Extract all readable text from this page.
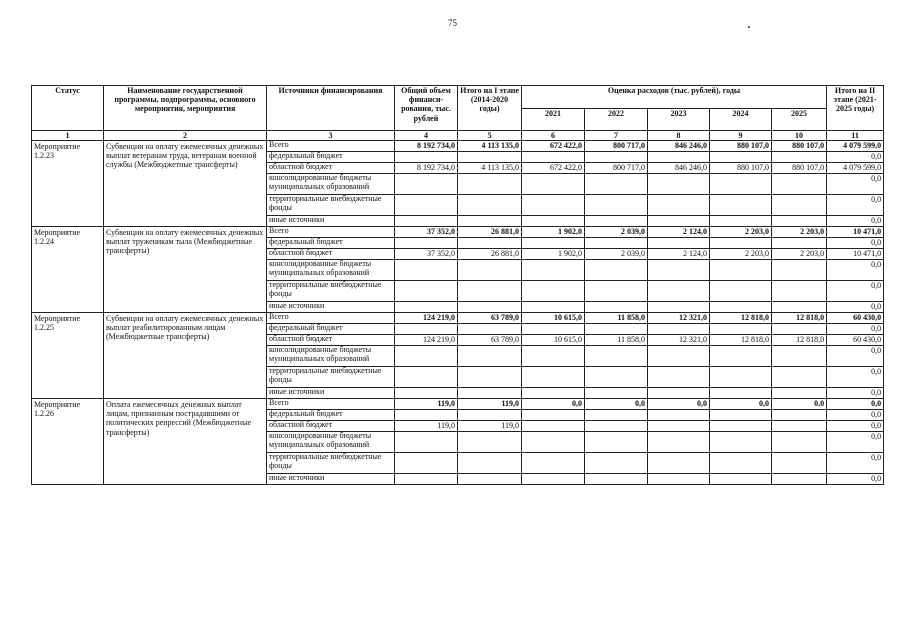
75
Статус	Наименование государственной программы, подпрограммы, основного мероприятия, мероприятия	Источники финансирования	Общий объем финанси-рования, тыс. рублей	Итого на I этапе (2014-2020 годы)	Оценка расходов (тыс. рублей), годы					Итого на II этапе (2021-2025 годы)
					2021	2022	2023	2024	2025	
1	2	3	4	5	6	7	8	9	10	11
Мероприятие 1.2.23	Субвенции на оплату ежемесячных денежных выплат ветеранам труда, ветеранам военной службы (Межбюджетные трансферты)	Всего	8 192 734,0	4 113 135,0	672 422,0	800 717,0	846 246,0	880 107,0	880 107,0	4 079 599,0
		федеральный бюджет								0,0
		областной бюджет	8 192 734,0	4 113 135,0	672 422,0	800 717,0	846 246,0	880 107,0	880 107,0	4 079 599,0
		консолидированные бюджеты муниципальных образований								0,0
		территориальные внебюджетные фонды								0,0
		иные источники								0,0
Мероприятие 1.2.24	Субвенции на оплату ежемесячных денежных выплат труженикам тыла (Межбюджетные трансферты)	Всего	37 352,0	26 881,0	1 902,0	2 039,0	2 124,0	2 203,0	2 203,0	10 471,0
		федеральный бюджет								0,0
		областной бюджет	37 352,0	26 881,0	1 902,0	2 039,0	2 124,0	2 203,0	2 203,0	10 471,0
		консолидированные бюджеты муниципальных образований								0,0
		территориальные внебюджетные фонды								0,0
		иные источники								0,0
Мероприятие 1.2.25	Субвенции на оплату ежемесячных денежных выплат реабилитированным лицам (Межбюджетные трансферты)	Всего	124 219,0	63 789,0	10 615,0	11 858,0	12 321,0	12 818,0	12 818,0	60 430,0
		федеральный бюджет								0,0
		областной бюджет	124 219,0	63 789,0	10 615,0	11 858,0	12 321,0	12 818,0	12 818,0	60 430,0
		консолидированные бюджеты муниципальных образований								0,0
		территориальные внебюджетные фонды								0,0
		иные источники								0,0
Мероприятие 1.2.26	Оплата ежемесячных денежных выплат лицам, признанным пострадавшими от политических репрессий (Межбюджетные трансферты)	Всего	119,0	119,0	0,0	0,0	0,0	0,0	0,0	0,0
		федеральный бюджет								0,0
		областной бюджет	119,0	119,0						0,0
		консолидированные бюджеты муниципальных образований								0,0
		территориальные внебюджетные фонды								0,0
		иные источники								0,0
